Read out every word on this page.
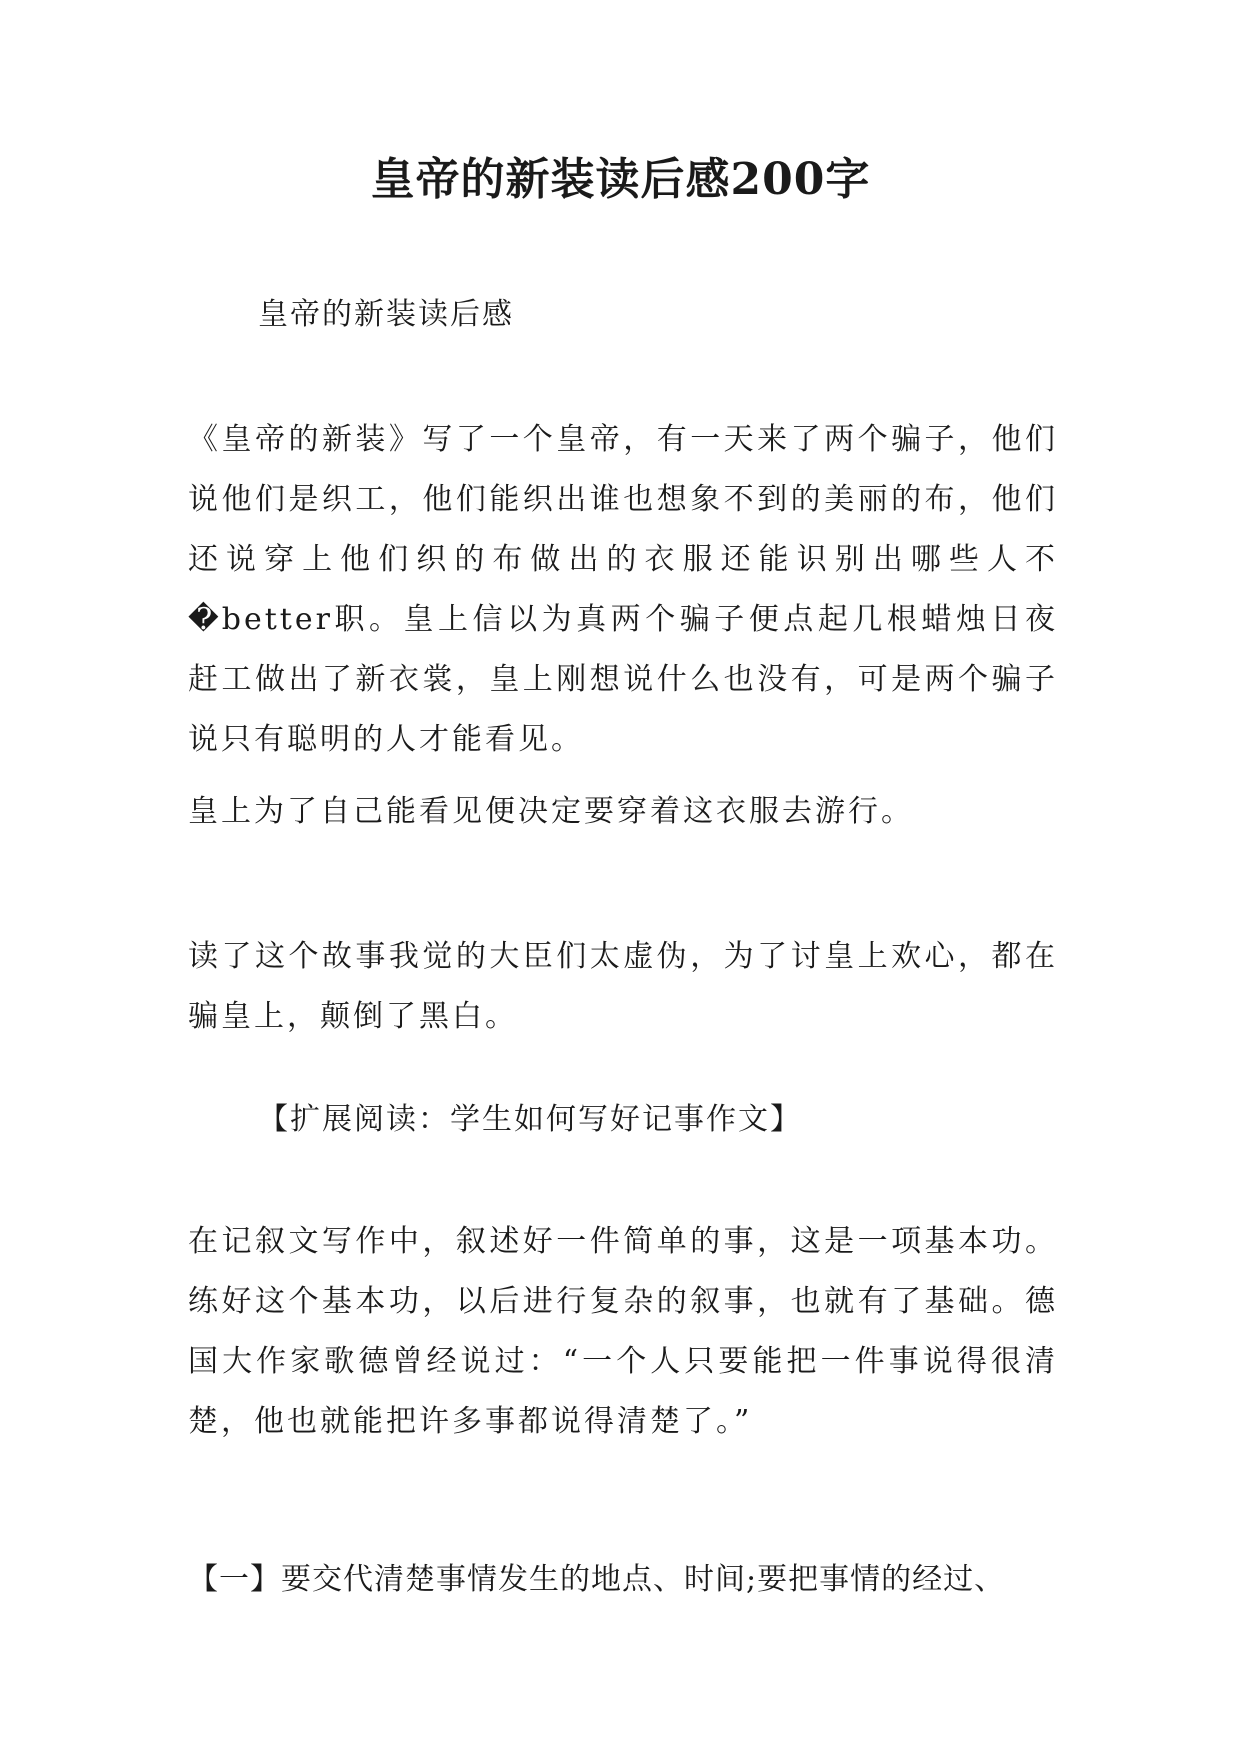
皇帝的新装读后感200字

皇帝的新装读后感

《皇帝的新装》写了一个皇帝，有一天来了两个骗子，他们说他们是织工，他们能织出谁也想象不到的美丽的布，他们还说穿上他们织的布做出的衣服还能识别出哪些人不�better职。皇上信以为真两个骗子便点起几根蜡烛日夜赶工做出了新衣裳，皇上刚想说什么也没有，可是两个骗子说只有聪明的人才能看见。

皇上为了自己能看见便决定要穿着这衣服去游行。

读了这个故事我觉的大臣们太虚伪，为了讨皇上欢心，都在骗皇上，颠倒了黑白。

【扩展阅读：学生如何写好记事作文】

在记叙文写作中，叙述好一件简单的事，这是一项基本功。练好这个基本功，以后进行复杂的叙事，也就有了基础。德国大作家歌德曾经说过：“一个人只要能把一件事说得很清楚，他也就能把许多事都说得清楚了。”

【一】要交代清楚事情发生的地点、时间;要把事情的经过、
